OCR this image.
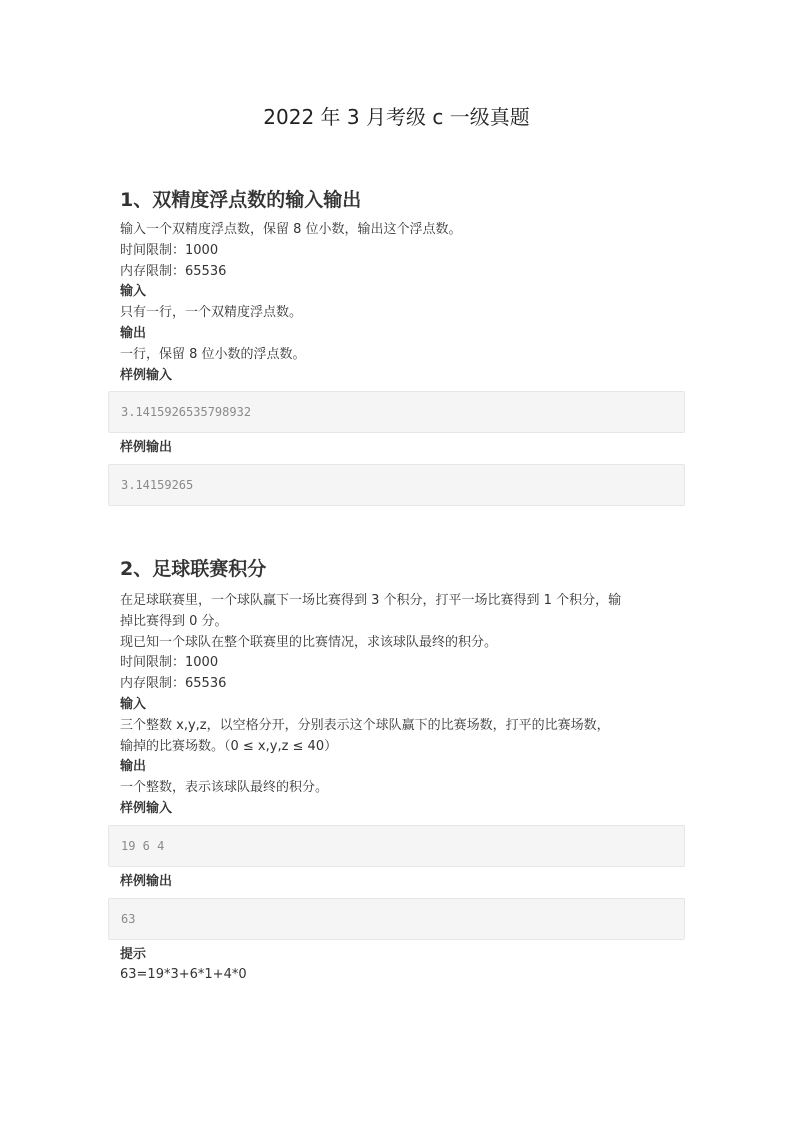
2022 年 3 月考级 c 一级真题
1、双精度浮点数的输入输出
输入一个双精度浮点数，保留 8 位小数，输出这个浮点数。
时间限制：1000
内存限制：65536
输入
只有一行，一个双精度浮点数。
输出
一行，保留 8 位小数的浮点数。
样例输入
3.1415926535798932
样例输出
3.14159265
2、足球联赛积分
在足球联赛里，一个球队赢下一场比赛得到 3 个积分，打平一场比赛得到 1 个积分，输
掉比赛得到 0 分。
现已知一个球队在整个联赛里的比赛情况，求该球队最终的积分。
时间限制：1000
内存限制：65536
输入
三个整数 x,y,z，以空格分开，分别表示这个球队赢下的比赛场数，打平的比赛场数，
输掉的比赛场数。（0 ≤ x,y,z ≤ 40）
输出
一个整数，表示该球队最终的积分。
样例输入
19 6 4
样例输出
63
提示
63=19*3+6*1+4*0
